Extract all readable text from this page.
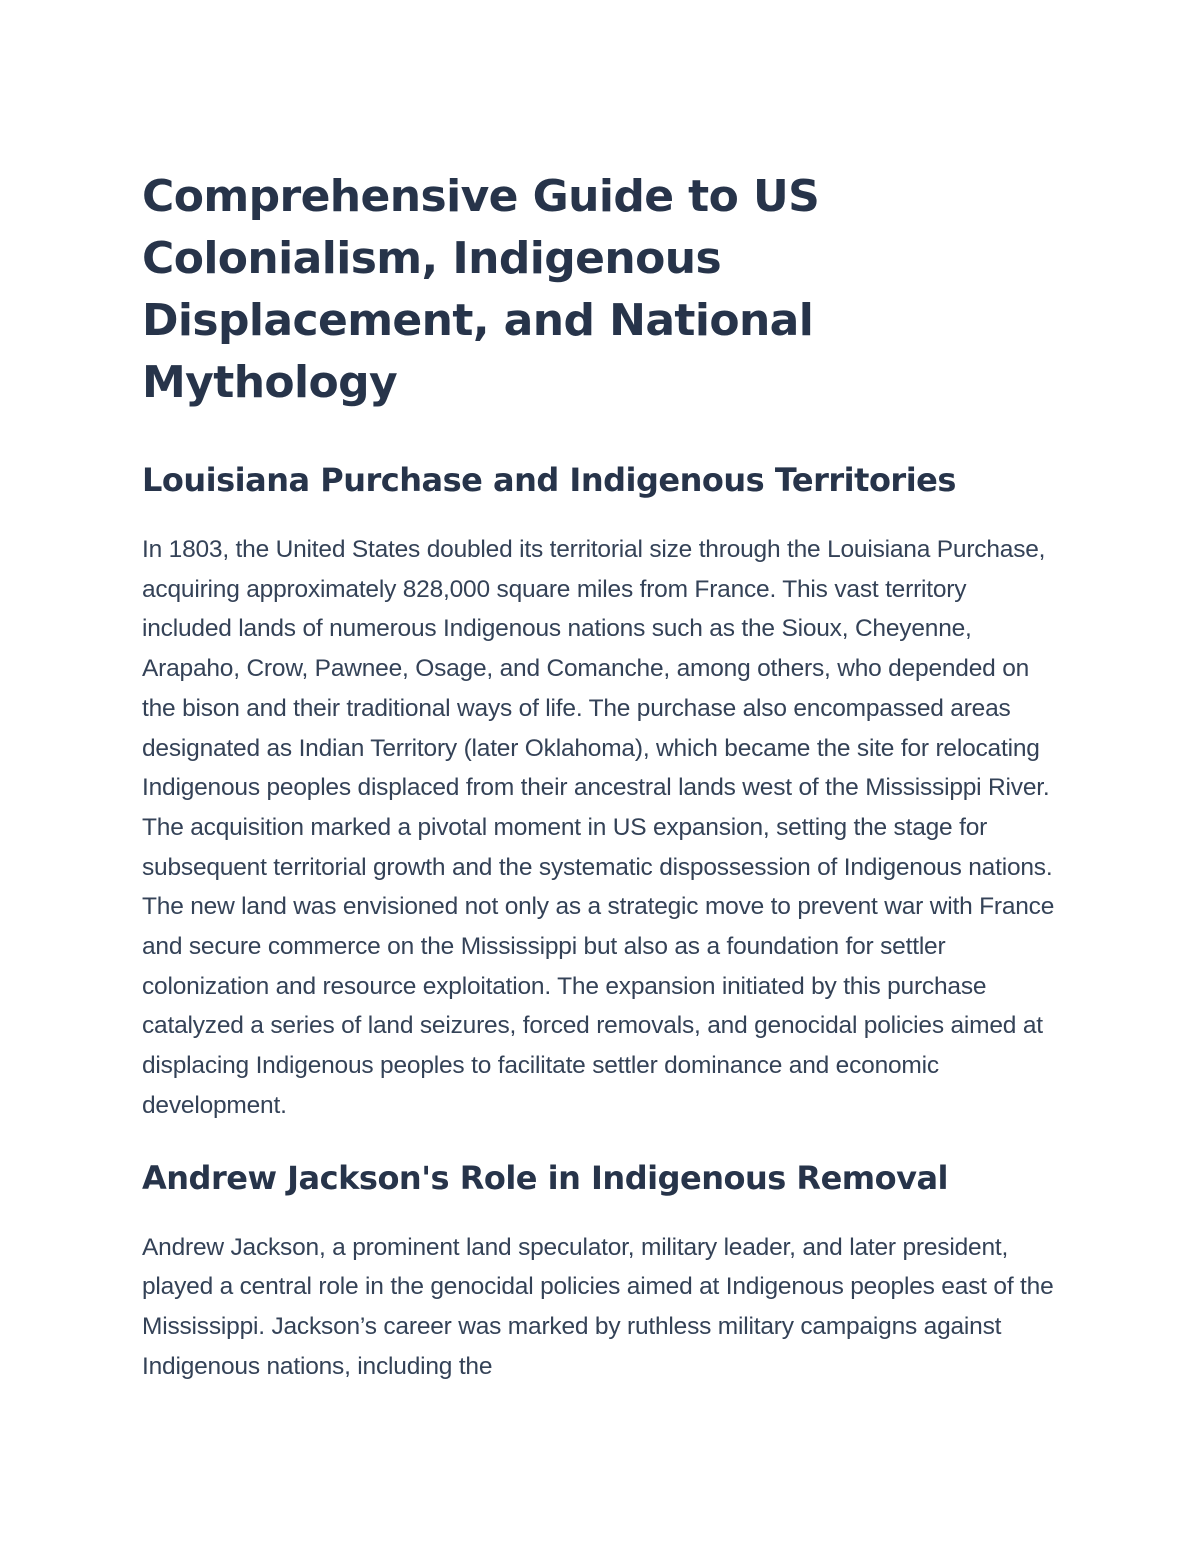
Comprehensive Guide to US Colonialism, Indigenous Displacement, and National Mythology
Louisiana Purchase and Indigenous Territories

In 1803, the United States doubled its territorial size through the Louisiana Purchase, acquiring approximately 828,000 square miles from France. This vast territory included lands of numerous Indigenous nations such as the Sioux, Cheyenne, Arapaho, Crow, Pawnee, Osage, and Comanche, among others, who depended on the bison and their traditional ways of life. The purchase also encompassed areas designated as Indian Territory (later Oklahoma), which became the site for relocating Indigenous peoples displaced from their ancestral lands west of the Mississippi River. The acquisition marked a pivotal moment in US expansion, setting the stage for subsequent territorial growth and the systematic dispossession of Indigenous nations. The new land was envisioned not only as a strategic move to prevent war with France and secure commerce on the Mississippi but also as a foundation for settler colonization and resource exploitation. The expansion initiated by this purchase catalyzed a series of land seizures, forced removals, and genocidal policies aimed at displacing Indigenous peoples to facilitate settler dominance and economic development.

Andrew Jackson's Role in Indigenous Removal

Andrew Jackson, a prominent land speculator, military leader, and later president, played a central role in the genocidal policies aimed at Indigenous peoples east of the Mississippi. Jackson’s career was marked by ruthless military campaigns against Indigenous nations, including the
